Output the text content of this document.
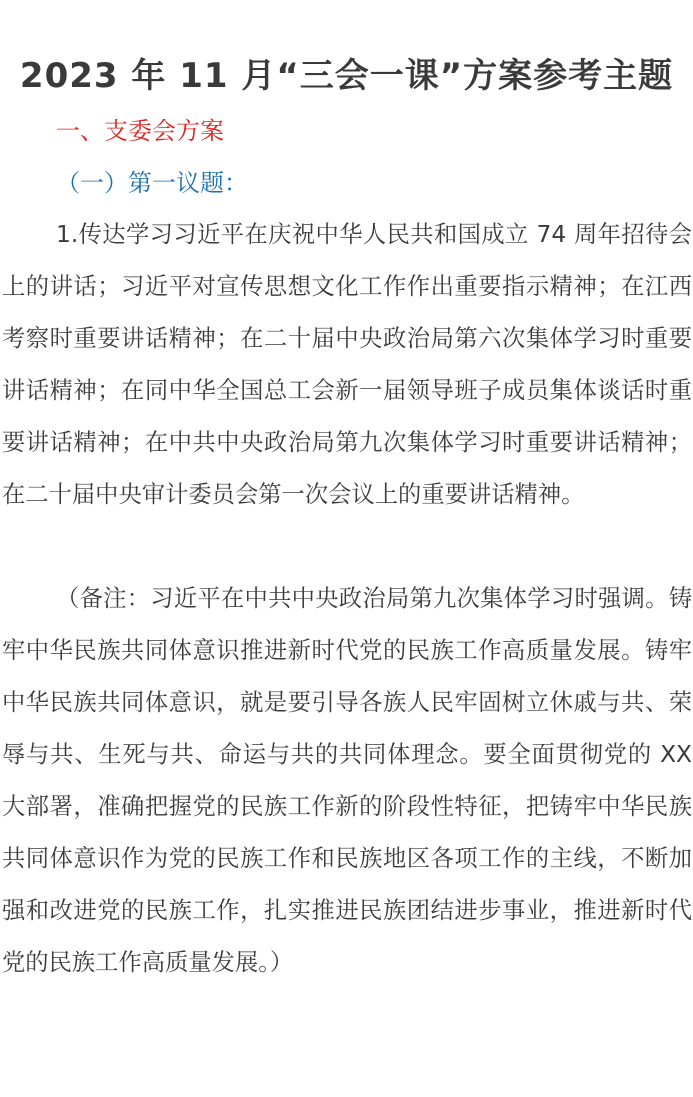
2023 年 11 月“三会一课”方案参考主题
一、支委会方案
（一）第一议题：

1.传达学习习近平在庆祝中华人民共和国成立 74 周年招待会上的讲话；习近平对宣传思想文化工作作出重要指示精神；在江西考察时重要讲话精神；在二十届中央政治局第六次集体学习时重要讲话精神；在同中华全国总工会新一届领导班子成员集体谈话时重要讲话精神；在中共中央政治局第九次集体学习时重要讲话精神；在二十届中央审计委员会第一次会议上的重要讲话精神。

（备注：习近平在中共中央政治局第九次集体学习时强调。铸牢中华民族共同体意识推进新时代党的民族工作高质量发展。铸牢中华民族共同体意识，就是要引导各族人民牢固树立休戚与共、荣辱与共、生死与共、命运与共的共同体理念。要全面贯彻党的 XX 大部署，准确把握党的民族工作新的阶段性特征，把铸牢中华民族共同体意识作为党的民族工作和民族地区各项工作的主线，不断加强和改进党的民族工作，扎实推进民族团结进步事业，推进新时代党的民族工作高质量发展。）
